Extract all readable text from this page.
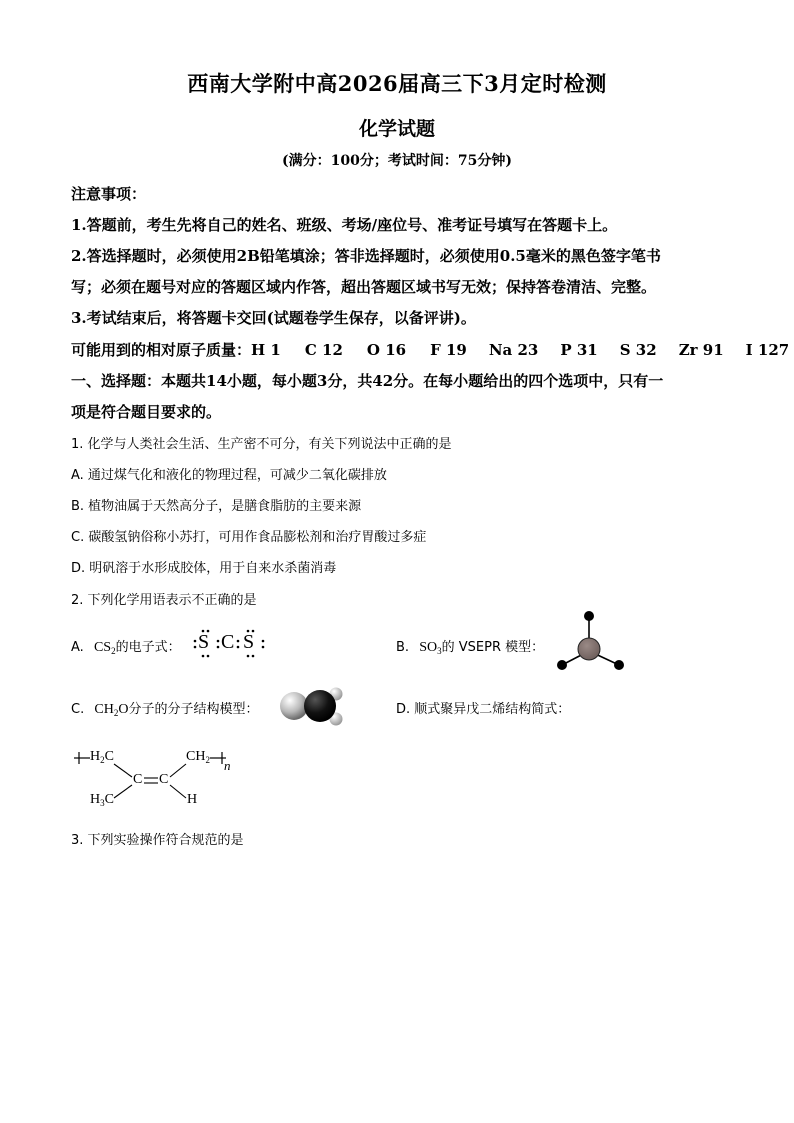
西南大学附中高2026届高三下3月定时检测
化学试题
(满分：100分；考试时间：75分钟)
注意事项：
1.答题前，考生先将自己的姓名、班级、考场/座位号、准考证号填写在答题卡上。
2.答选择题时，必须使用2B铅笔填涂；答非选择题时，必须使用0.5毫米的黑色签字笔书
写；必须在题号对应的答题区域内作答，超出答题区域书写无效；保持答卷清洁、完整。
3.考试结束后，将答题卡交回(试题卷学生保存，以备评讲)。
可能用到的相对原子质量：H 1 C 12 O 16 F 19 Na 23 P 31 S 32 Zr 91 I 127
一、选择题：本题共14小题，每小题3分，共42分。在每小题给出的四个选项中，只有一
项是符合题目要求的。
1. 化学与人类社会生活、生产密不可分，有关下列说法中正确的是
A. 通过煤气化和液化的物理过程，可减少二氧化碳排放
B. 植物油属于天然高分子，是膳食脂肪的主要来源
C. 碳酸氢钠俗称小苏打，可用作食品膨松剂和治疗胃酸过多症
D. 明矾溶于水形成胶体，用于自来水杀菌消毒
2. 下列化学用语表示不正确的是
A. $CS_2$的电子式： S C S	B. $SO_3$的 VSEPR 模型：
C. $CH_2O$分子的分子结构模型：	D. 顺式聚异戊二烯结构简式：
$H_2C$
C C
$CH_2$ n
$H_3C$	H
3. 下列实验操作符合规范的是
